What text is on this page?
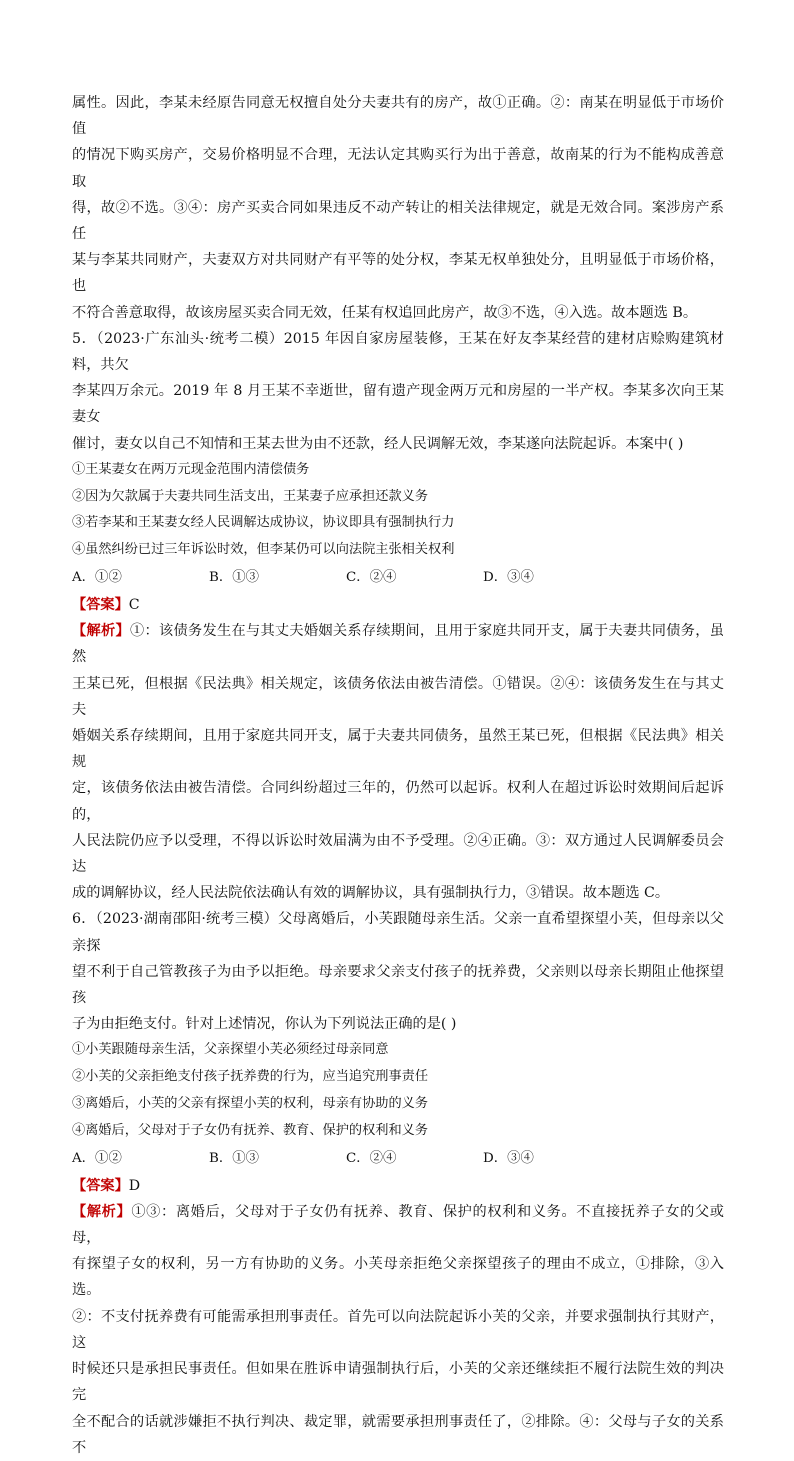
属性。因此，李某未经原告同意无权擅自处分夫妻共有的房产，故①正确。②：南某在明显低于市场价值

的情况下购买房产，交易价格明显不合理，无法认定其购买行为出于善意，故南某的行为不能构成善意取

得，故②不选。③④：房产买卖合同如果违反不动产转让的相关法律规定，就是无效合同。案涉房产系任

某与李某共同财产，夫妻双方对共同财产有平等的处分权，李某无权单独处分，且明显低于市场价格，也

不符合善意取得，故该房屋买卖合同无效，任某有权追回此房产，故③不选，④入选。故本题选 B。

5．（2023·广东汕头·统考二模）2015 年因自家房屋装修，王某在好友李某经营的建材店赊购建筑材料，共欠

李某四万余元。2019 年 8 月王某不幸逝世，留有遗产现金两万元和房屋的一半产权。李某多次向王某妻女

催讨，妻女以自己不知情和王某去世为由不还款，经人民调解无效，李某遂向法院起诉。本案中( )

①王某妻女在两万元现金范围内清偿债务

②因为欠款属于夫妻共同生活支出，王某妻子应承担还款义务

③若李某和王某妻女经人民调解达成协议，协议即具有强制执行力

④虽然纠纷已过三年诉讼时效，但李某仍可以向法院主张相关权利

A．①②	B．①③	C．②④	D．③④

【答案】C

【解析】①：该债务发生在与其丈夫婚姻关系存续期间，且用于家庭共同开支，属于夫妻共同债务，虽然

王某已死，但根据《民法典》相关规定，该债务依法由被告清偿。①错误。②④：该债务发生在与其丈夫

婚姻关系存续期间，且用于家庭共同开支，属于夫妻共同债务，虽然王某已死，但根据《民法典》相关规

定，该债务依法由被告清偿。合同纠纷超过三年的，仍然可以起诉。权利人在超过诉讼时效期间后起诉的，

人民法院仍应予以受理，不得以诉讼时效届满为由不予受理。②④正确。③：双方通过人民调解委员会达

成的调解协议，经人民法院依法确认有效的调解协议，具有强制执行力，③错误。故本题选 C。

6．（2023·湖南邵阳·统考三模）父母离婚后，小芙跟随母亲生活。父亲一直希望探望小芙，但母亲以父亲探

望不利于自己管教孩子为由予以拒绝。母亲要求父亲支付孩子的抚养费，父亲则以母亲长期阻止他探望孩

子为由拒绝支付。针对上述情况，你认为下列说法正确的是( )

①小芙跟随母亲生活，父亲探望小芙必须经过母亲同意

②小芙的父亲拒绝支付孩子抚养费的行为，应当追究刑事责任

③离婚后，小芙的父亲有探望小芙的权利，母亲有协助的义务

④离婚后，父母对于子女仍有抚养、教育、保护的权利和义务

A．①②	B．①③	C．②④	D．③④

【答案】D

【解析】①③：离婚后，父母对于子女仍有抚养、教育、保护的权利和义务。不直接抚养子女的父或母，

有探望子女的权利，另一方有协助的义务。小芙母亲拒绝父亲探望孩子的理由不成立，①排除，③入选。

②：不支付抚养费有可能需承担刑事责任。首先可以向法院起诉小芙的父亲，并要求强制执行其财产，这

时候还只是承担民事责任。但如果在胜诉申请强制执行后，小芙的父亲还继续拒不履行法院生效的判决完

全不配合的话就涉嫌拒不执行判决、裁定罪，就需要承担刑事责任了，②排除。④：父母与子女的关系不
